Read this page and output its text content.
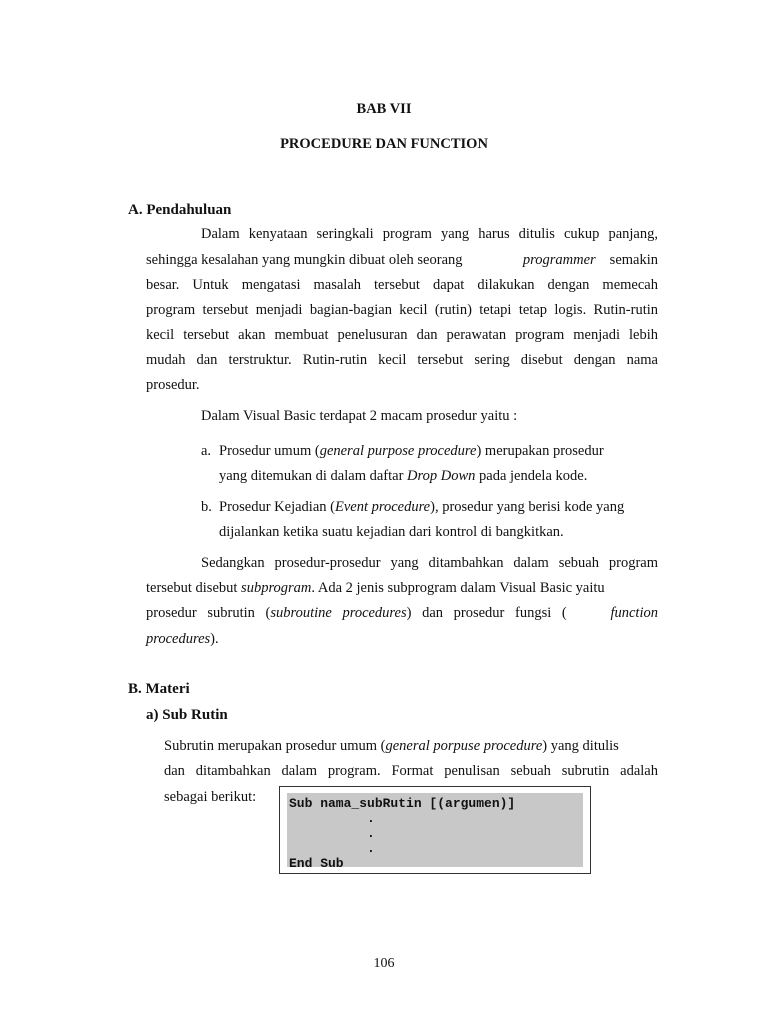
BAB VII
PROCEDURE DAN FUNCTION
A. Pendahuluan
Dalam kenyataan seringkali program yang harus ditulis cukup panjang,
sehingga kesalahan yang mungkin dibuat oleh seorang	programmer semakin
besar. Untuk mengatasi masalah tersebut dapat dilakukan dengan memecah
program tersebut menjadi bagian-bagian kecil (rutin) tetapi tetap logis. Rutin-rutin
kecil tersebut akan membuat penelusuran dan perawatan program menjadi lebih
mudah dan terstruktur. Rutin-rutin kecil tersebut sering disebut dengan nama
prosedur.
Dalam Visual Basic terdapat 2 macam prosedur yaitu :
a. Prosedur umum (general purpose procedure) merupakan prosedur
yang ditemukan di dalam daftar Drop Down pada jendela kode.
b. Prosedur Kejadian (Event procedure), prosedur yang berisi kode yang
dijalankan ketika suatu kejadian dari kontrol di bangkitkan.
Sedangkan prosedur-prosedur yang ditambahkan dalam sebuah program
tersebut disebut subprogram. Ada 2 jenis subprogram dalam Visual Basic yaitu
prosedur subrutin (subroutine procedures) dan prosedur fungsi (	function
procedures).
B. Materi
a) Sub Rutin
Subrutin merupakan prosedur umum (general porpuse procedure) yang ditulis
dan ditambahkan dalam program. Format penulisan sebuah subrutin adalah
sebagai berikut:	Sub nama_subRutin [(argumen)]
.
.
.
End Sub
106
